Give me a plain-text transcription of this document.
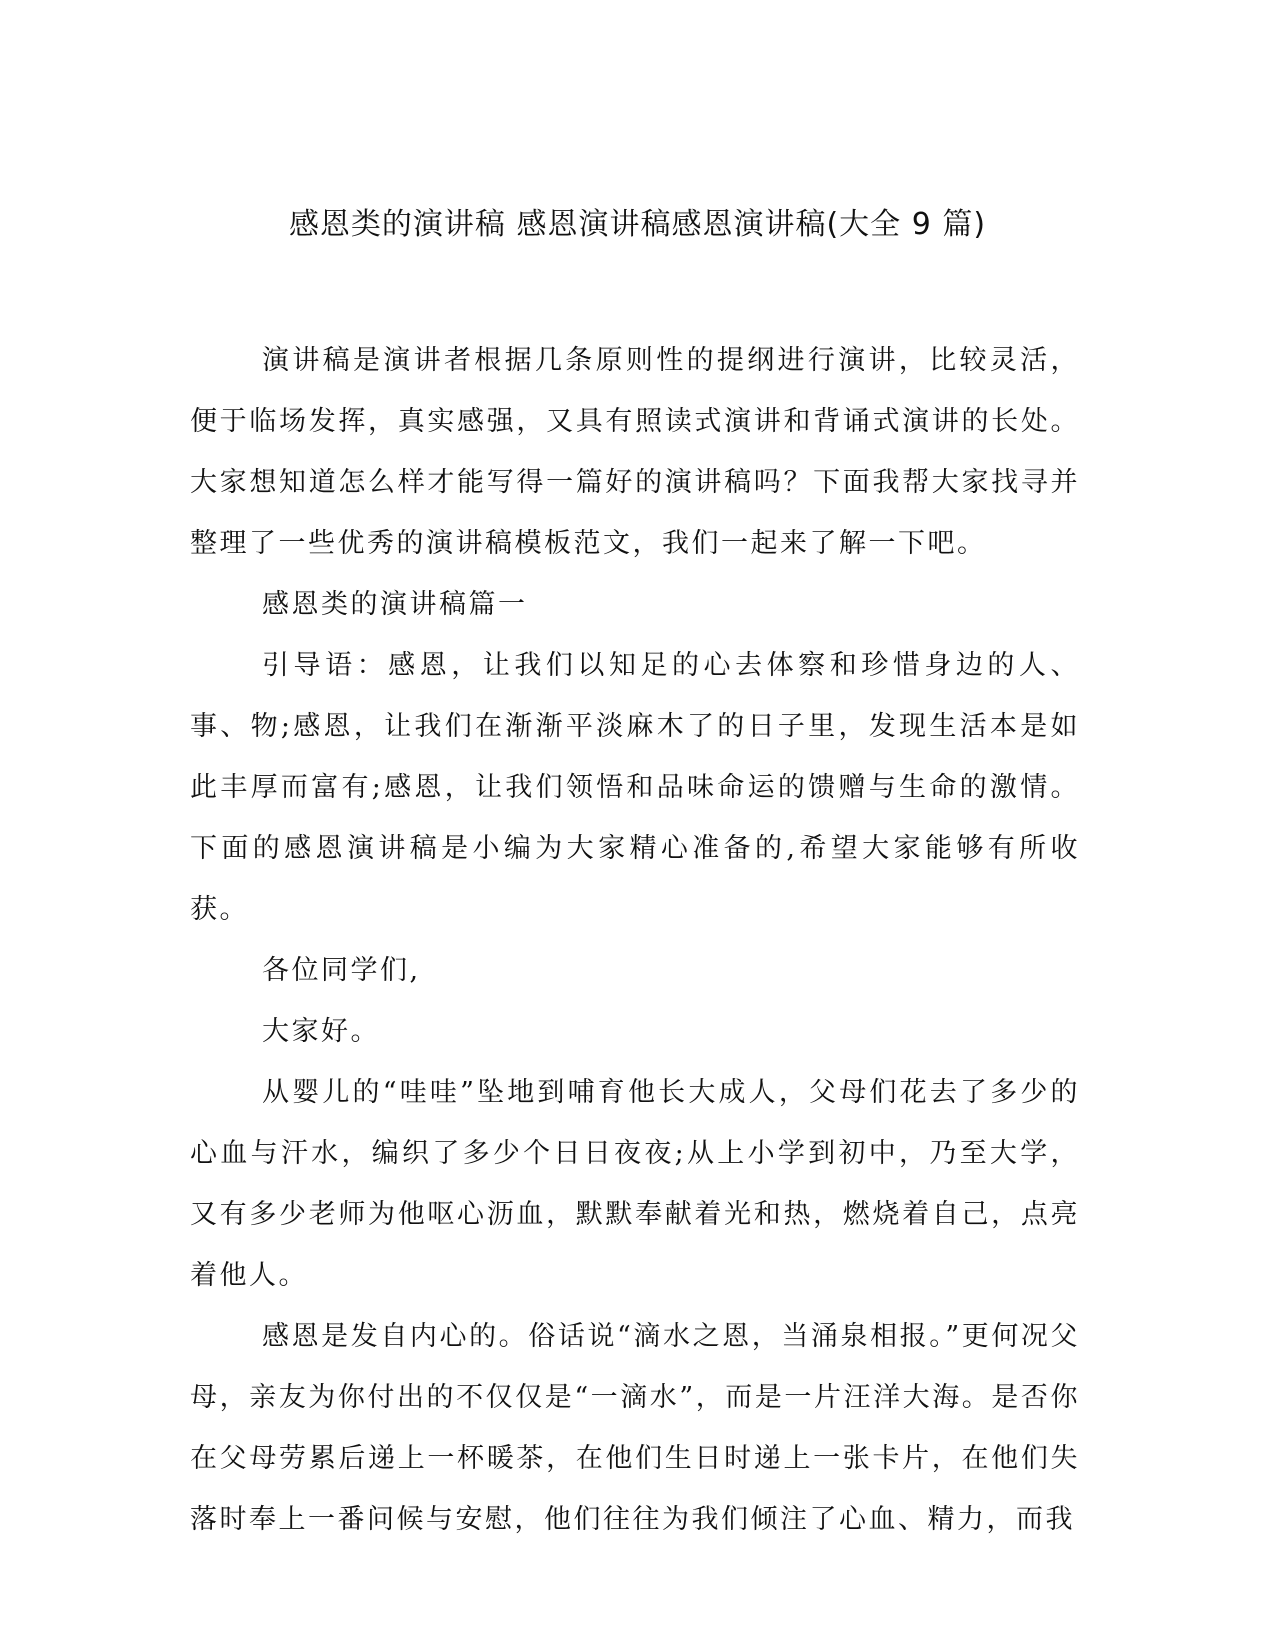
感恩类的演讲稿 感恩演讲稿感恩演讲稿(大全 9 篇)

演讲稿是演讲者根据几条原则性的提纲进行演讲，比较灵活，便于临场发挥，真实感强，又具有照读式演讲和背诵式演讲的长处。大家想知道怎么样才能写得一篇好的演讲稿吗？下面我帮大家找寻并整理了一些优秀的演讲稿模板范文，我们一起来了解一下吧。

感恩类的演讲稿篇一

引导语：感恩，让我们以知足的心去体察和珍惜身边的人、事、物;感恩，让我们在渐渐平淡麻木了的日子里，发现生活本是如此丰厚而富有;感恩，让我们领悟和品味命运的馈赠与生命的激情。下面的感恩演讲稿是小编为大家精心准备的,希望大家能够有所收获。

各位同学们,

大家好。

从婴儿的“哇哇”坠地到哺育他长大成人，父母们花去了多少的心血与汗水，编织了多少个日日夜夜;从上小学到初中，乃至大学，又有多少老师为他呕心沥血，默默奉献着光和热，燃烧着自己，点亮着他人。

感恩是发自内心的。俗话说“滴水之恩，当涌泉相报。”更何况父母，亲友为你付出的不仅仅是“一滴水”，而是一片汪洋大海。是否你在父母劳累后递上一杯暖茶，在他们生日时递上一张卡片，在他们失落时奉上一番问候与安慰，他们往往为我们倾注了心血、精力，而我
